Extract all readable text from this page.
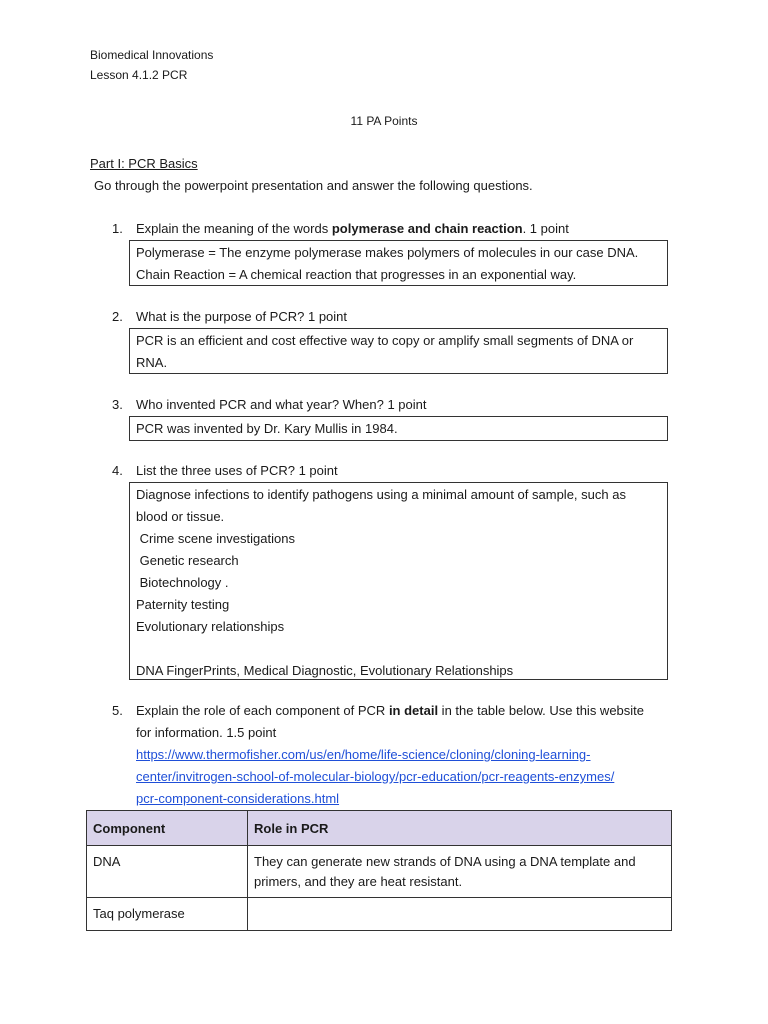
Biomedical Innovations
Lesson 4.1.2 PCR
11 PA Points
Part I: PCR Basics
Go through the powerpoint presentation and answer the following questions.
1. Explain the meaning of the words polymerase and chain reaction. 1 point
Polymerase = The enzyme polymerase makes polymers of molecules in our case DNA.
Chain Reaction = A chemical reaction that progresses in an exponential way.
2. What is the purpose of PCR? 1 point
PCR is an efficient and cost effective way to copy or amplify small segments of DNA or
RNA.
3. Who invented PCR and what year? When? 1 point
PCR was invented by Dr. Kary Mullis in 1984.
4. List the three uses of PCR? 1 point
Diagnose infections to identify pathogens using a minimal amount of sample, such as
blood or tissue.
Crime scene investigations
Genetic research
Biotechnology .
Paternity testing
Evolutionary relationships
DNA FingerPrints, Medical Diagnostic, Evolutionary Relationships
5. Explain the role of each component of PCR in detail in the table below. Use this website
for information. 1.5 point
https://www.thermofisher.com/us/en/home/life-science/cloning/cloning-learning-
center/invitrogen-school-of-molecular-biology/pcr-education/pcr-reagents-enzymes/
pcr-component-considerations.html
Component	Role in PCR
DNA	They can generate new strands of DNA using a DNA template and
primers, and they are heat resistant.

Taq polymerase	
